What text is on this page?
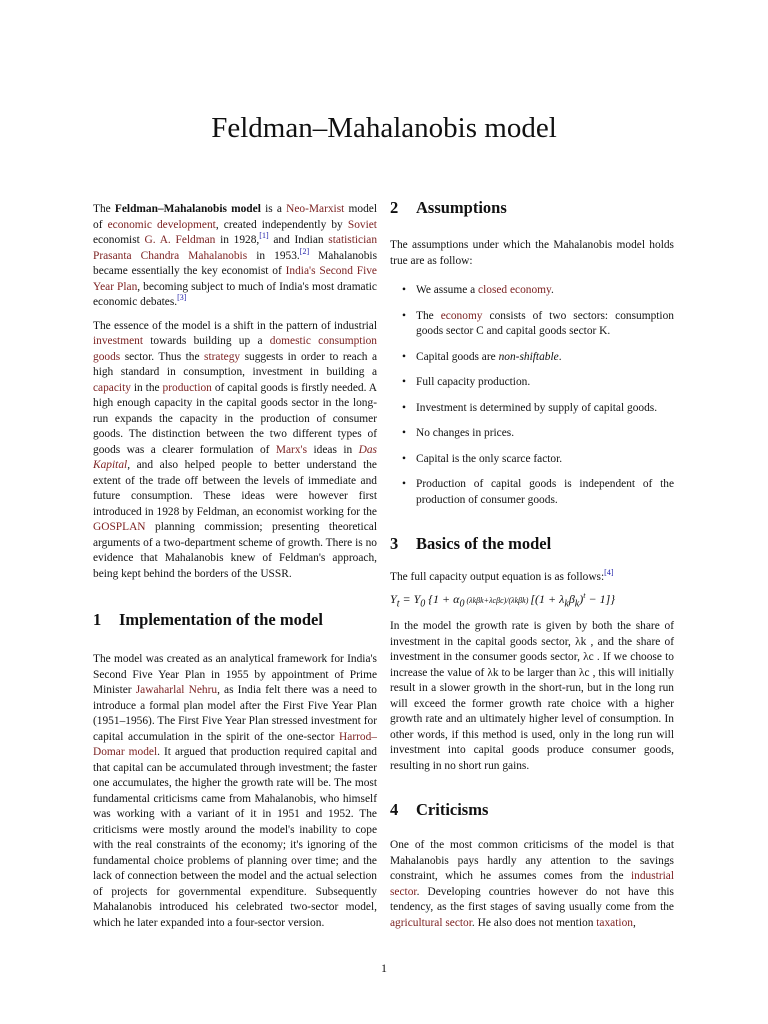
Feldman–Mahalanobis model

The Feldman–Mahalanobis model is a Neo-Marxist model of economic development, created independently by Soviet economist G. A. Feldman in 1928,[1] and Indian statistician Prasanta Chandra Mahalanobis in 1953.[2] Mahalanobis became essentially the key economist of India's Second Five Year Plan, becoming subject to much of India's most dramatic economic debates.[3]

The essence of the model is a shift in the pattern of industrial investment towards building up a domestic consumption goods sector. Thus the strategy suggests in order to reach a high standard in consumption, investment in building a capacity in the production of capital goods is firstly needed. A high enough capacity in the capital goods sector in the long-run expands the capacity in the production of consumer goods. The distinction between the two different types of goods was a clearer formulation of Marx's ideas in Das Kapital, and also helped people to better understand the extent of the trade off between the levels of immediate and future consumption. These ideas were however first introduced in 1928 by Feldman, an economist working for the GOSPLAN planning commission; presenting theoretical arguments of a two-department scheme of growth. There is no evidence that Mahalanobis knew of Feldman's approach, being kept behind the borders of the USSR.

1 Implementation of the model

The model was created as an analytical framework for India's Second Five Year Plan in 1955 by appointment of Prime Minister Jawaharlal Nehru, as India felt there was a need to introduce a formal plan model after the First Five Year Plan (1951–1956). The First Five Year Plan stressed investment for capital accumulation in the spirit of the one-sector Harrod–Domar model. It argued that production required capital and that capital can be accumulated through investment; the faster one accumulates, the higher the growth rate will be. The most fundamental criticisms came from Mahalanobis, who himself was working with a variant of it in 1951 and 1952. The criticisms were mostly around the model's inability to cope with the real constraints of the economy; it's ignoring of the fundamental choice problems of planning over time; and the lack of connection between the model and the actual selection of projects for governmental expenditure. Subsequently Mahalanobis introduced his celebrated two-sector model, which he later expanded into a four-sector version.

2 Assumptions

The assumptions under which the Mahalanobis model holds true are as follow:

• We assume a closed economy.
• The economy consists of two sectors: consumption goods sector C and capital goods sector K.
• Capital goods are non-shiftable.
• Full capacity production.
• Investment is determined by supply of capital goods.
• No changes in prices.
• Capital is the only scarce factor.
• Production of capital goods is independent of the production of consumer goods.
3 Basics of the model

The full capacity output equation is as follows:[4]

$Y_t = Y_0$ {$1 + \alpha_0$ (λkβk+λcβc)/(λkβk) $[(1 + \lambda_k\beta_k)^t - 1]$}

In the model the growth rate is given by both the share of investment in the capital goods sector, λk , and the share of investment in the consumer goods sector, λc . If we choose to increase the value of λk to be larger than λc , this will initially result in a slower growth in the short-run, but in the long run will exceed the former growth rate choice with a higher growth rate and an ultimately higher level of consumption. In other words, if this method is used, only in the long run will investment into capital goods produce consumer goods, resulting in no short run gains.

4 Criticisms

One of the most common criticisms of the model is that Mahalanobis pays hardly any attention to the savings constraint, which he assumes comes from the industrial sector. Developing countries however do not have this tendency, as the first stages of saving usually come from the agricultural sector. He also does not mention taxation,

1
